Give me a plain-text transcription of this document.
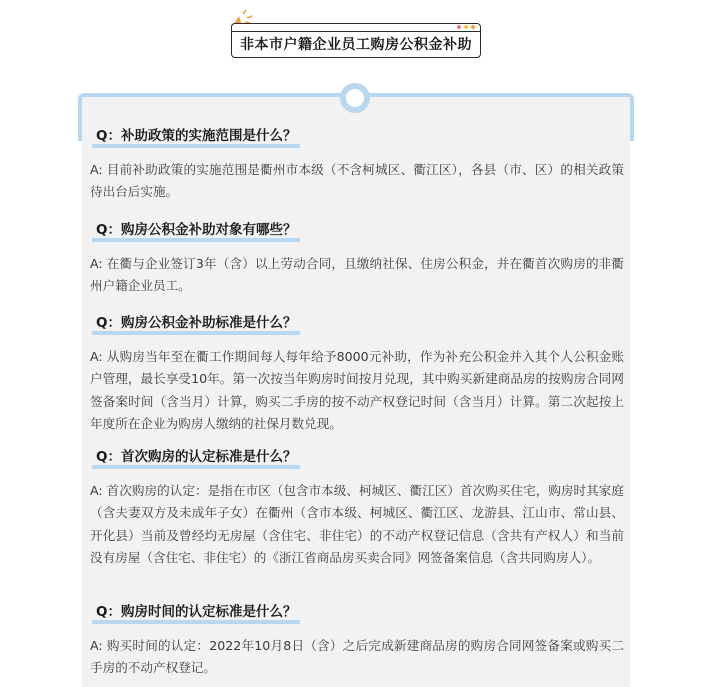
非本市户籍企业员工购房公积金补助
Q：补助政策的实施范围是什么？

A: 目前补助政策的实施范围是衢州市本级（不含柯城区、衢江区），各县（市、区）的相关政策待出台后实施。

Q：购房公积金补助对象有哪些？

A: 在衢与企业签订3年（含）以上劳动合同，且缴纳社保、住房公积金，并在衢首次购房的非衢州户籍企业员工。

Q：购房公积金补助标准是什么？

A: 从购房当年至在衢工作期间每人每年给予8000元补助，作为补充公积金并入其个人公积金账户管理，最长享受10年。第一次按当年购房时间按月兑现，其中购买新建商品房的按购房合同网签备案时间（含当月）计算，购买二手房的按不动产权登记时间（含当月）计算。第二次起按上年度所在企业为购房人缴纳的社保月数兑现。

Q：首次购房的认定标准是什么？

A: 首次购房的认定：是指在市区（包含市本级、柯城区、衢江区）首次购买住宅，购房时其家庭（含夫妻双方及未成年子女）在衢州（含市本级、柯城区、衢江区、龙游县、江山市、常山县、开化县）当前及曾经均无房屋（含住宅、非住宅）的不动产权登记信息（含共有产权人）和当前没有房屋（含住宅、非住宅）的《浙江省商品房买卖合同》网签备案信息（含共同购房人）。

Q：购房时间的认定标准是什么？

A: 购买时间的认定：2022年10月8日（含）之后完成新建商品房的购房合同网签备案或购买二手房的不动产权登记。
